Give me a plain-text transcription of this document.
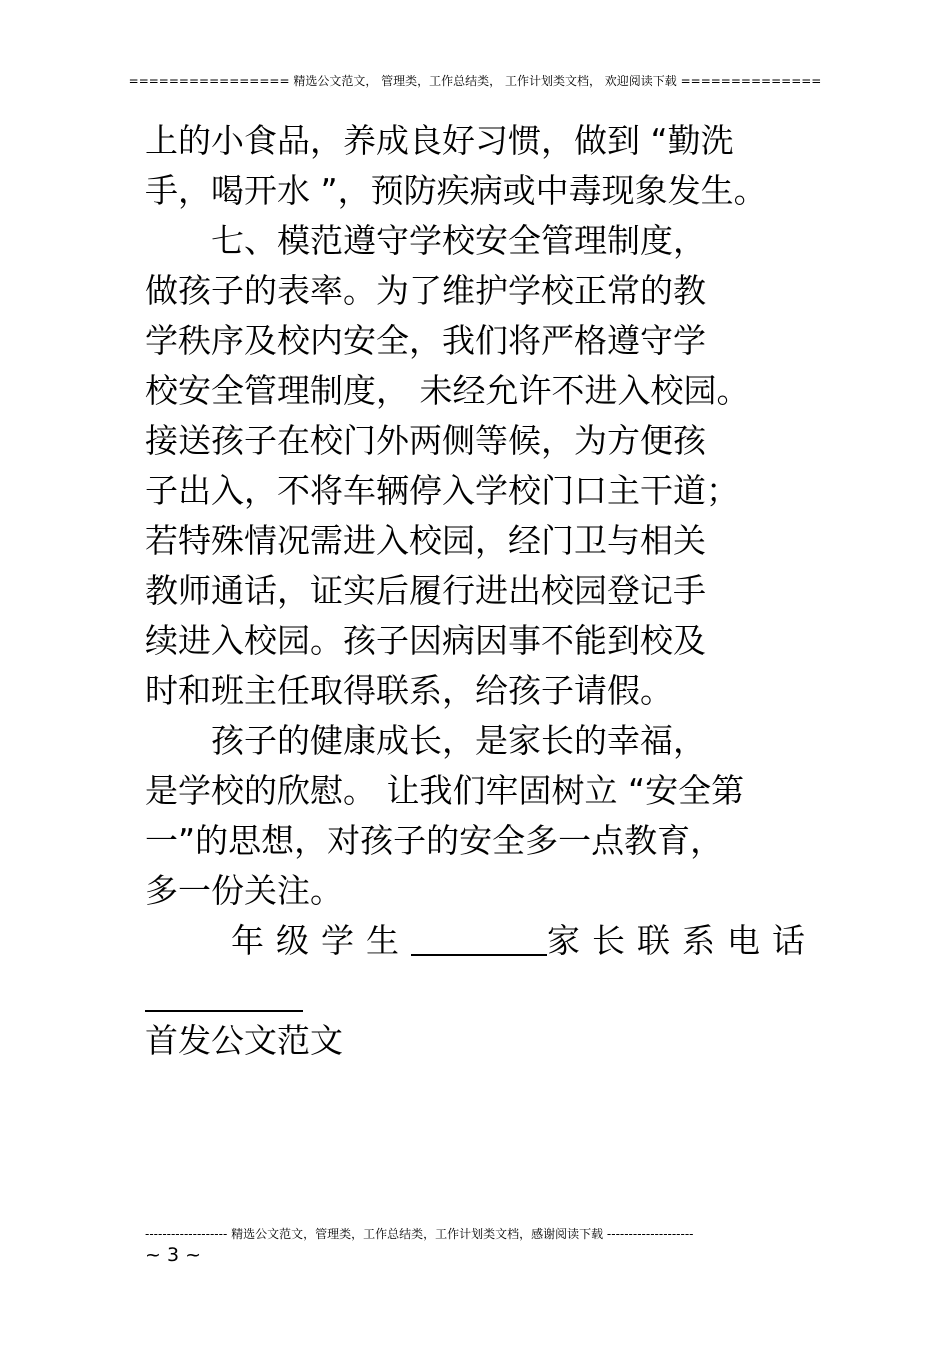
================ 精选公文范文， 管理类，工作总结类， 工作计划类文档， 欢迎阅读下载 ==============
上的小食品，养成良好习惯，做到 “勤洗
手，喝开水 ”，预防疾病或中毒现象发生。
七、模范遵守学校安全管理制度，
做孩子的表率。为了维护学校正常的教
学秩序及校内安全，我们将严格遵守学
校安全管理制度， 未经允许不进入校园。
接送孩子在校门外两侧等候，为方便孩
子出入，不将车辆停入学校门口主干道；
若特殊情况需进入校园，经门卫与相关
教师通话，证实后履行进出校园登记手
续进入校园。孩子因病因事不能到校及
时和班主任取得联系，给孩子请假。
孩子的健康成长，是家长的幸福，
是学校的欣慰。 让我们牢固树立 “安全第
一”的思想，对孩子的安全多一点教育，
多一份关注。
年级学生	家长联系电话
首发公文范文
------------------- 精选公文范文，管理类，工作总结类，工作计划类文档，感谢阅读下载 --------------------
~ 3 ~
